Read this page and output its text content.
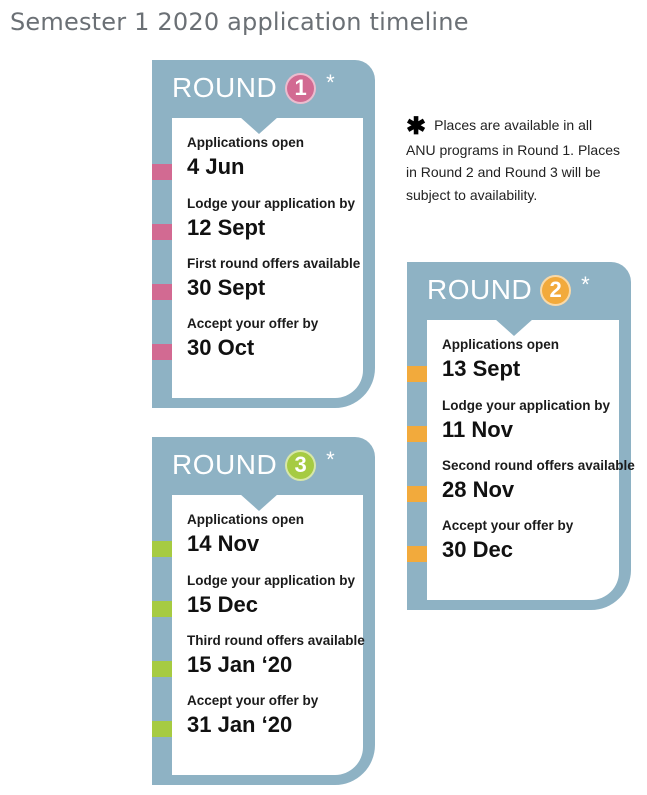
Semester 1 2020 application timeline
ROUND 1 *
Applications open
4 Jun
Lodge your application by
12 Sept
First round offers available
30 Sept
Accept your offer by
30 Oct
✱ Places are available in all ANU programs in Round 1. Places in Round 2 and Round 3 will be subject to availability.
ROUND 2 *
Applications open
13 Sept
Lodge your application by
11 Nov
Second round offers available
28 Nov
Accept your offer by
30 Dec
ROUND 3 *
Applications open
14 Nov
Lodge your application by
15 Dec
Third round offers available
15 Jan ‘20
Accept your offer by
31 Jan ‘20
